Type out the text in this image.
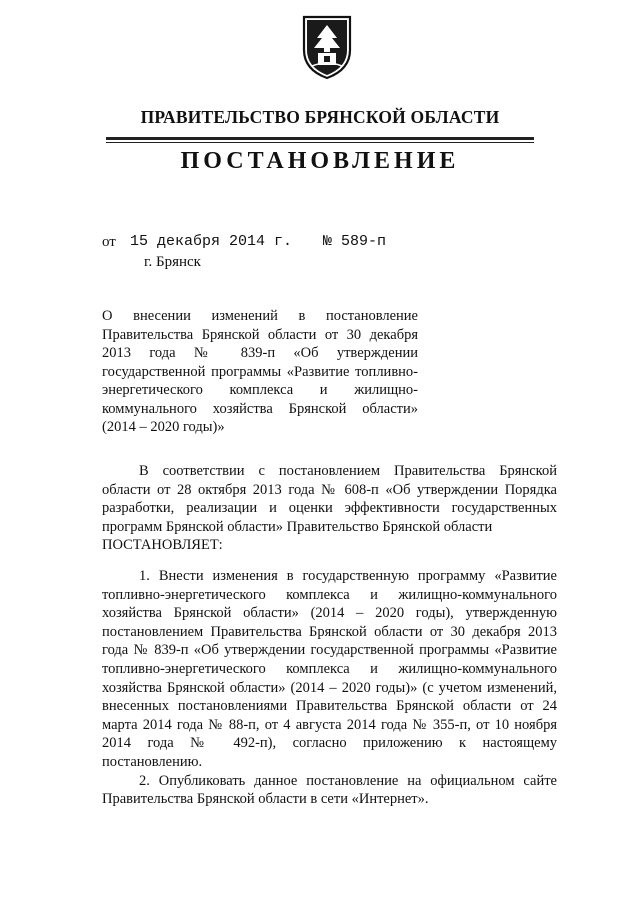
ПРАВИТЕЛЬСТВО БРЯНСКОЙ ОБЛАСТИ
ПОСТАНОВЛЕНИЕ
от 15 декабря 2014 г. № 589-п
г. Брянск
О внесении изменений в постановление Правительства Брянской области от 30 декабря 2013 года № 839-п «Об утверждении государственной программы «Развитие топливно-энергетического комплекса и жилищно-коммунального хозяйства Брянской области» (2014 – 2020 годы)»

В соответствии с постановлением Правительства Брянской области от 28 октября 2013 года № 608-п «Об утверждении Порядка разработки, реализации и оценки эффективности государственных программ Брянской области» Правительство Брянской области

ПОСТАНОВЛЯЕТ:

1. Внести изменения в государственную программу «Развитие топливно-энергетического комплекса и жилищно-коммунального хозяйства Брянской области» (2014 – 2020 годы), утвержденную постановлением Правительства Брянской области от 30 декабря 2013 года № 839-п «Об утверждении государственной программы «Развитие топливно-энергетического комплекса и жилищно-коммунального хозяйства Брянской области» (2014 – 2020 годы)» (с учетом изменений, внесенных постановлениями Правительства Брянской области от 24 марта 2014 года № 88-п, от 4 августа 2014 года № 355-п, от 10 ноября 2014 года № 492-п), согласно приложению к настоящему постановлению.

2. Опубликовать данное постановление на официальном сайте Правительства Брянской области в сети «Интернет».
